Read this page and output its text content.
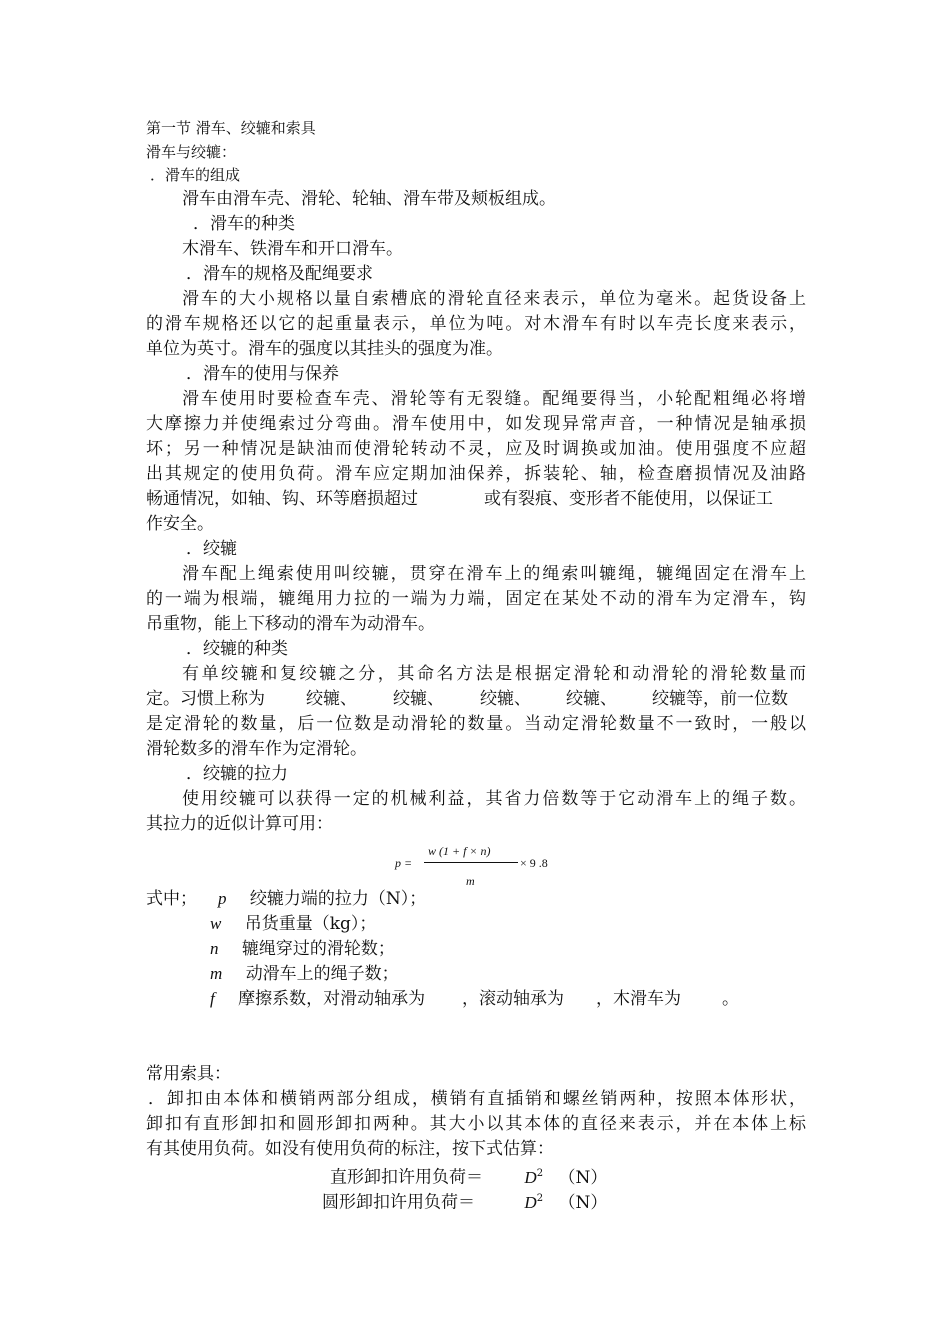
第一节 滑车、绞辘和索具
滑车与绞辘：
．滑车的组成
滑车由滑车壳、滑轮、轮轴、滑车带及颊板组成。
．滑车的种类
木滑车、铁滑车和开口滑车。
．滑车的规格及配绳要求
滑车的大小规格以量自索槽底的滑轮直径来表示，单位为毫米。起货设备上
的滑车规格还以它的起重量表示，单位为吨。对木滑车有时以车壳长度来表示，
单位为英寸。滑车的强度以其挂头的强度为准。
．滑车的使用与保养
滑车使用时要检查车壳、滑轮等有无裂缝。配绳要得当，小轮配粗绳必将增
大摩擦力并使绳索过分弯曲。滑车使用中，如发现异常声音，一种情况是轴承损
坏；另一种情况是缺油而使滑轮转动不灵，应及时调换或加油。使用强度不应超
出其规定的使用负荷。滑车应定期加油保养，拆装轮、轴，检查磨损情况及油路
畅通情况，如轴、钩、环等磨损超过	或有裂痕、变形者不能使用，以保证工
作安全。
．绞辘
滑车配上绳索使用叫绞辘，贯穿在滑车上的绳索叫辘绳，辘绳固定在滑车上
的一端为根端，辘绳用力拉的一端为力端，固定在某处不动的滑车为定滑车，钩
吊重物，能上下移动的滑车为动滑车。
．绞辘的种类
有单绞辘和复绞辘之分，其命名方法是根据定滑轮和动滑轮的滑轮数量而
定。习惯上称为 绞辘、 绞辘、 绞辘、 绞辘、 绞辘等，前一位数
是定滑轮的数量，后一位数是动滑轮的数量。当动定滑轮数量不一致时，一般以
滑轮数多的滑车作为定滑轮。
．绞辘的拉力
使用绞辘可以获得一定的机械利益，其省力倍数等于它动滑车上的绳子数。
其拉力的近似计算可用：
p =
w (1 + f × n)
× 9 .8
m
式中； p 绞辘力端的拉力（N）；
w 吊货重量（kg）；
n 辘绳穿过的滑轮数；
m 动滑车上的绳子数；
f 摩擦系数，对滑动轴承为 ，滚动轴承为 ，木滑车为 。
常用索具：
．卸扣由本体和横销两部分组成，横销有直插销和螺丝销两种，按照本体形状，
卸扣有直形卸扣和圆形卸扣两种。其大小以其本体的直径来表示，并在本体上标
有其使用负荷。如没有使用负荷的标注，按下式估算：
直形卸扣许用负荷＝ $D^2$ （N）
圆形卸扣许用负荷＝	$D^2$ （N）
